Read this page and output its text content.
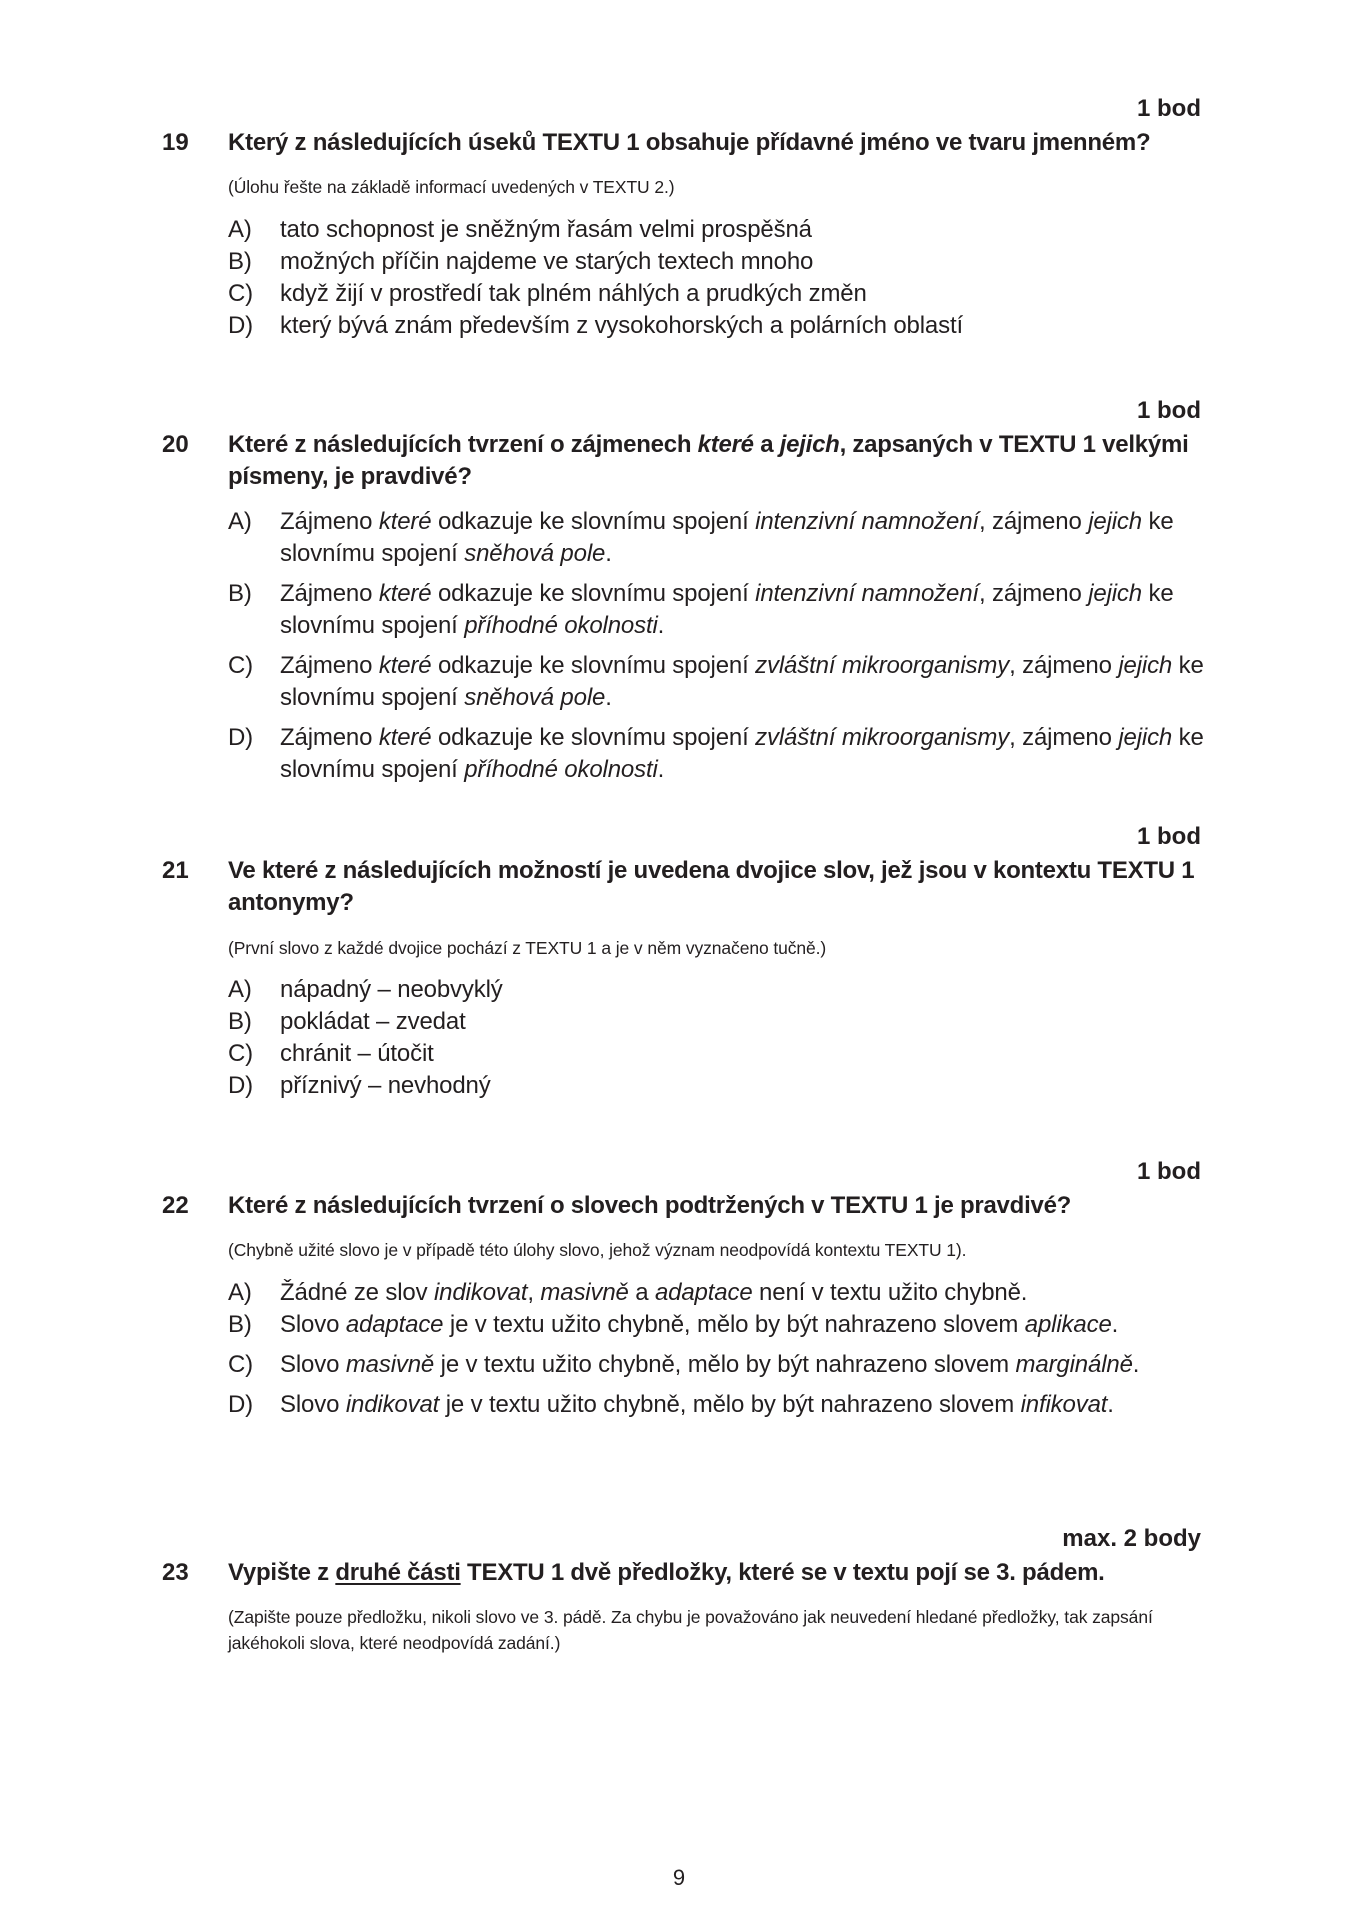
1 bod
19 Který z následujících úseků TEXTU 1 obsahuje přídavné jméno ve tvaru jmenném?
(Úlohu řešte na základě informací uvedených v TEXTU 2.)
A) tato schopnost je sněžným řasám velmi prospěšná
B) možných příčin najdeme ve starých textech mnoho
C) když žijí v prostředí tak plném náhlých a prudkých změn
D) který bývá znám především z vysokohorských a polárních oblastí
1 bod
20 Které z následujících tvrzení o zájmenech které a jejich, zapsaných v TEXTU 1 velkými písmeny, je pravdivé?
A) Zájmeno které odkazuje ke slovnímu spojení intenzivní namnožení, zájmeno jejich ke slovnímu spojení sněhová pole.
B) Zájmeno které odkazuje ke slovnímu spojení intenzivní namnožení, zájmeno jejich ke slovnímu spojení příhodné okolnosti.
C) Zájmeno které odkazuje ke slovnímu spojení zvláštní mikroorganismy, zájmeno jejich ke slovnímu spojení sněhová pole.
D) Zájmeno které odkazuje ke slovnímu spojení zvláštní mikroorganismy, zájmeno jejich ke slovnímu spojení příhodné okolnosti.
1 bod
21 Ve které z následujících možností je uvedena dvojice slov, jež jsou v kontextu TEXTU 1 antonymy?
(První slovo z každé dvojice pochází z TEXTU 1 a je v něm vyznačeno tučně.)
A) nápadný – neobvyklý
B) pokládat – zvedat
C) chránit – útočit
D) příznivý – nevhodný
1 bod
22 Které z následujících tvrzení o slovech podtržených v TEXTU 1 je pravdivé?
(Chybně užité slovo je v případě této úlohy slovo, jehož význam neodpovídá kontextu TEXTU 1).
A) Žádné ze slov indikovat, masivně a adaptace není v textu užito chybně.
B) Slovo adaptace je v textu užito chybně, mělo by být nahrazeno slovem aplikace.
C) Slovo masivně je v textu užito chybně, mělo by být nahrazeno slovem marginálně.
D) Slovo indikovat je v textu užito chybně, mělo by být nahrazeno slovem infikovat.
max. 2 body
23 Vypište z druhé části TEXTU 1 dvě předložky, které se v textu pojí se 3. pádem.
(Zapište pouze předložku, nikoli slovo ve 3. pádě. Za chybu je považováno jak neuvedení hledané předložky, tak zapsání jakéhokoli slova, které neodpovídá zadání.)
9
